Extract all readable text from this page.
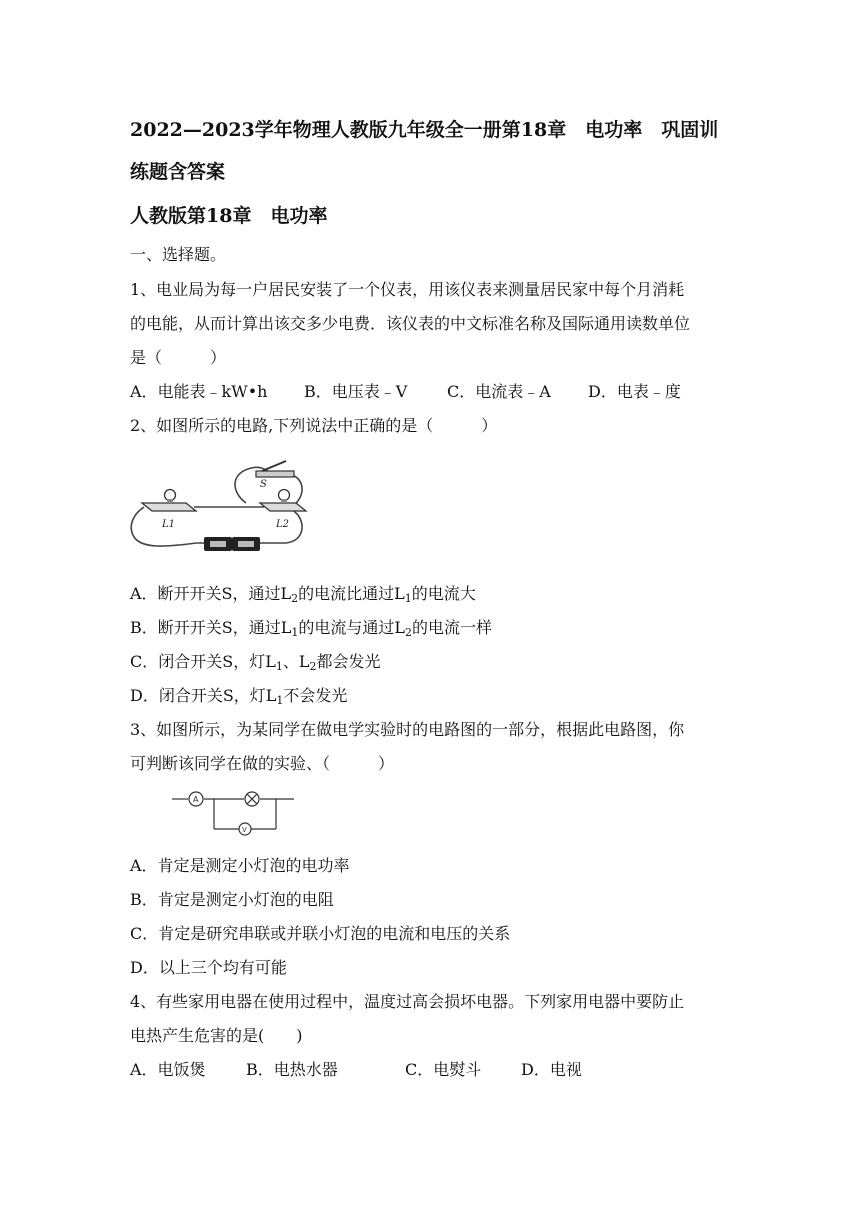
2022—2023学年物理人教版九年级全一册第18章　电功率　巩固训
练题含答案
人教版第18章　电功率
一、选择题。
1、电业局为每一户居民安装了一个仪表，用该仪表来测量居民家中每个月消耗
的电能，从而计算出该交多少电费．该仪表的中文标准名称及国际通用读数单位
是（　　　）
A．电能表﹣kW•h B．电压表﹣V C．电流表﹣A D．电表﹣度
2、如图所示的电路,下列说法中正确的是（　　　）
S
L1	L2
A．断开开关S，通过$L_2$的电流比通过$L_1$的电流大
B．断开开关S，通过$L_1$的电流与通过$L_2$的电流一样
C．闭合开关S，灯$L_1$、$L_2$都会发光
D．闭合开关S，灯$L_1$不会发光
3、如图所示，为某同学在做电学实验时的电路图的一部分，根据此电路图，你
可判断该同学在做的实验、（　　　）
A
V
A．肯定是测定小灯泡的电功率
B．肯定是测定小灯泡的电阻
C．肯定是研究串联或并联小灯泡的电流和电压的关系
D．以上三个均有可能
4、有些家用电器在使用过程中，温度过高会损坏电器。下列家用电器中要防止
电热产生危害的是(　　)
A．电饭煲	B．电热水器	C．电熨斗 D．电视
